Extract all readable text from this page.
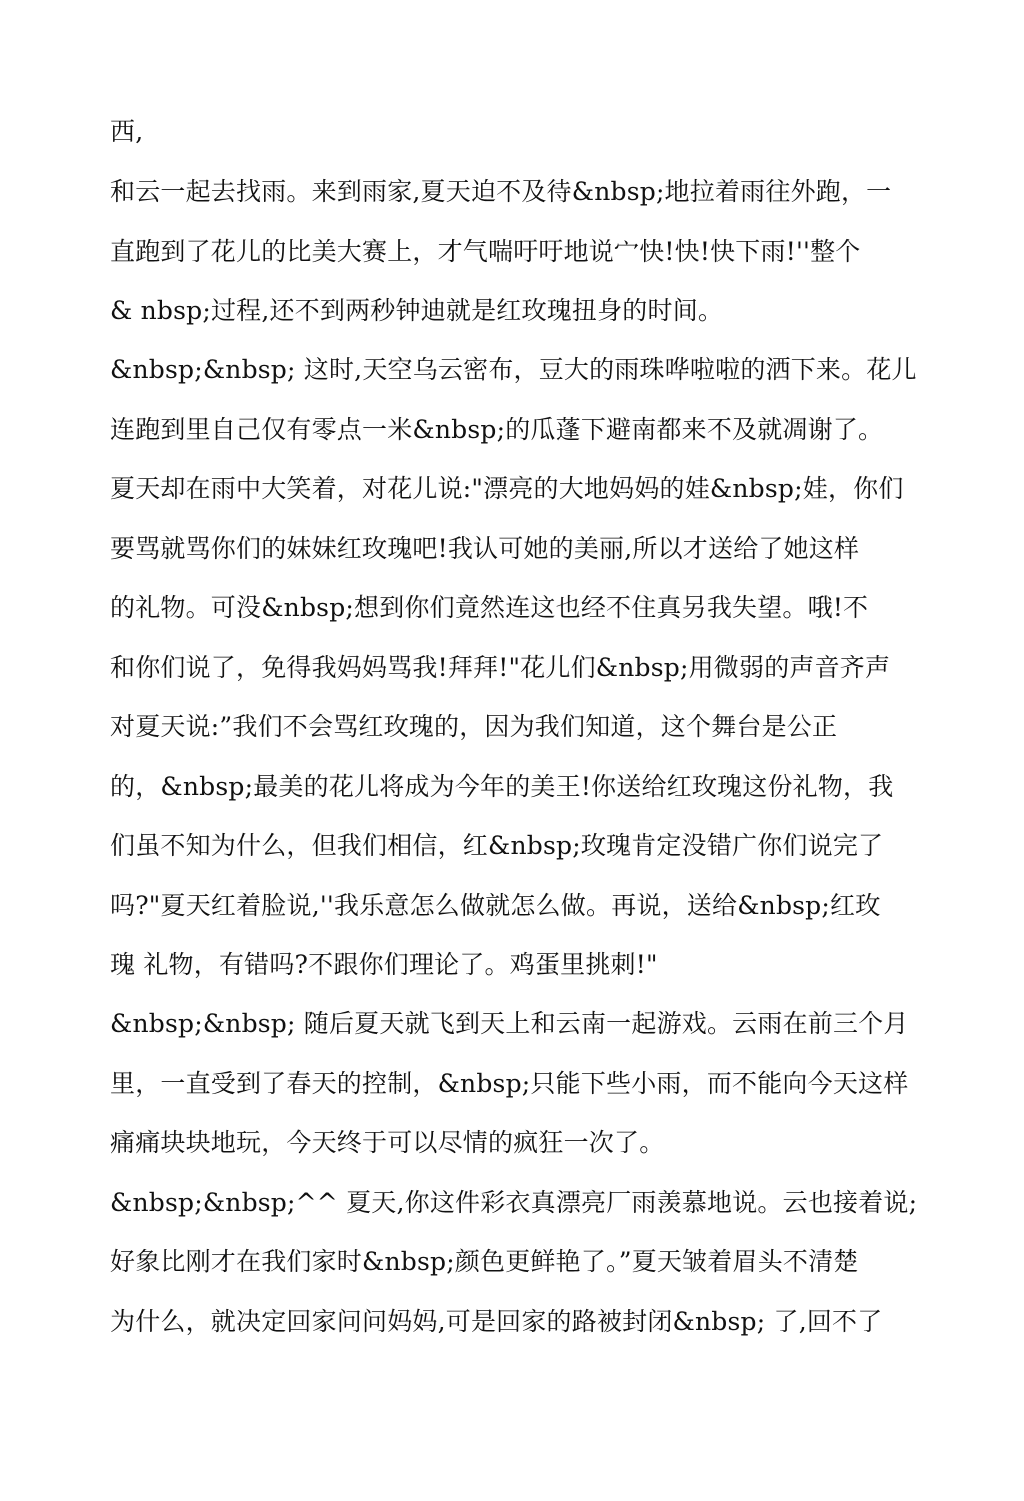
西,
和云一起去找雨。来到雨家,夏天迫不及待&nbsp;地拉着雨往外跑，一
直跑到了花儿的比美大赛上，才气喘吁吁地说宀快!快!快下雨!''整个
& nbsp;过程,还不到两秒钟迪就是红玫瑰扭身的时间。
&nbsp;&nbsp; 这时,天空乌云密布，豆大的雨珠哗啦啦的洒下来。花儿
连跑到里自己仅有零点一米&nbsp;的瓜蓬下避南都来不及就凋谢了。
夏天却在雨中大笑着，对花儿说:"漂亮的大地妈妈的娃&nbsp;娃，你们
要骂就骂你们的妹妹红玫瑰吧!我认可她的美丽,所以才送给了她这样
的礼物。可没&nbsp;想到你们竟然连这也经不住真另我失望。哦!不
和你们说了，免得我妈妈骂我!拜拜!"花儿们&nbsp;用微弱的声音齐声
对夏天说:”我们不会骂红玫瑰的，因为我们知道，这个舞台是公正
的，&nbsp;最美的花儿将成为今年的美王!你送给红玫瑰这份礼物，我
们虽不知为什么，但我们相信，红&nbsp;玫瑰肯定没错广你们说完了
吗?"夏天红着脸说,''我乐意怎么做就怎么做。再说，送给&nbsp;红玫
瑰 礼物，有错吗?不跟你们理论了。鸡蛋里挑刺!"
&nbsp;&nbsp; 随后夏天就飞到天上和云南一起游戏。云雨在前三个月
里，一直受到了春天的控制，&nbsp;只能下些小雨，而不能向今天这样
痛痛块块地玩，今天终于可以尽情的疯狂一次了。
&nbsp;&nbsp;^^ 夏天,你这件彩衣真漂亮厂雨羡慕地说。云也接着说;
好象比刚才在我们家时&nbsp;颜色更鲜艳了。”夏天皱着眉头不清楚
为什么，就决定回家问问妈妈,可是回家的路被封闭&nbsp; 了,回不了
